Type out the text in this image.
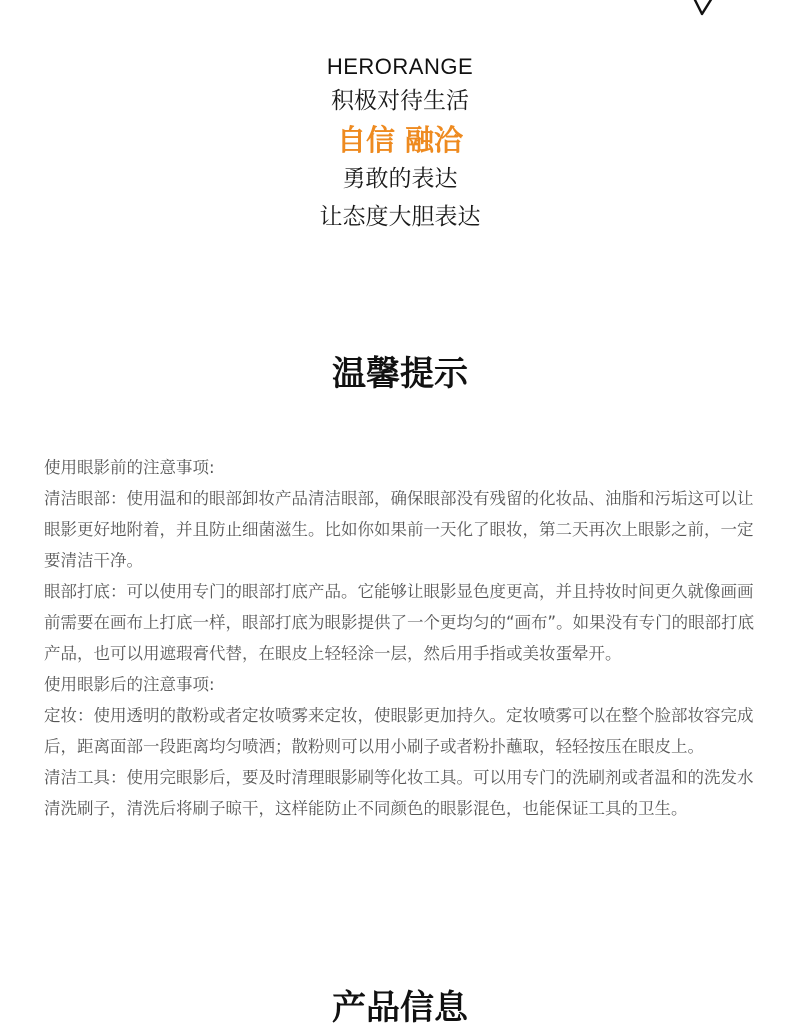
HERORANGE
积极对待生活
自信 融洽
勇敢的表达
让态度大胆表达
温馨提示

使用眼影前的注意事项:

清洁眼部：使用温和的眼部卸妆产品清洁眼部，确保眼部没有残留的化妆品、油脂和污垢这可以让眼影更好地附着，并且防止细菌滋生。比如你如果前一天化了眼妆，第二天再次上眼影之前，一定要清洁干净。

眼部打底：可以使用专门的眼部打底产品。它能够让眼影显色度更高，并且持妆时间更久就像画画前需要在画布上打底一样，眼部打底为眼影提供了一个更均匀的“画布”。如果没有专门的眼部打底产品，也可以用遮瑕膏代替，在眼皮上轻轻涂一层，然后用手指或美妆蛋晕开。

使用眼影后的注意事项:

定妆：使用透明的散粉或者定妆喷雾来定妆，使眼影更加持久。定妆喷雾可以在整个脸部妆容完成后，距离面部一段距离均匀喷洒；散粉则可以用小刷子或者粉扑蘸取，轻轻按压在眼皮上。

清洁工具：使用完眼影后，要及时清理眼影刷等化妆工具。可以用专门的洗刷剂或者温和的洗发水清洗刷子，清洗后将刷子晾干，这样能防止不同颜色的眼影混色，也能保证工具的卫生。

产品信息
